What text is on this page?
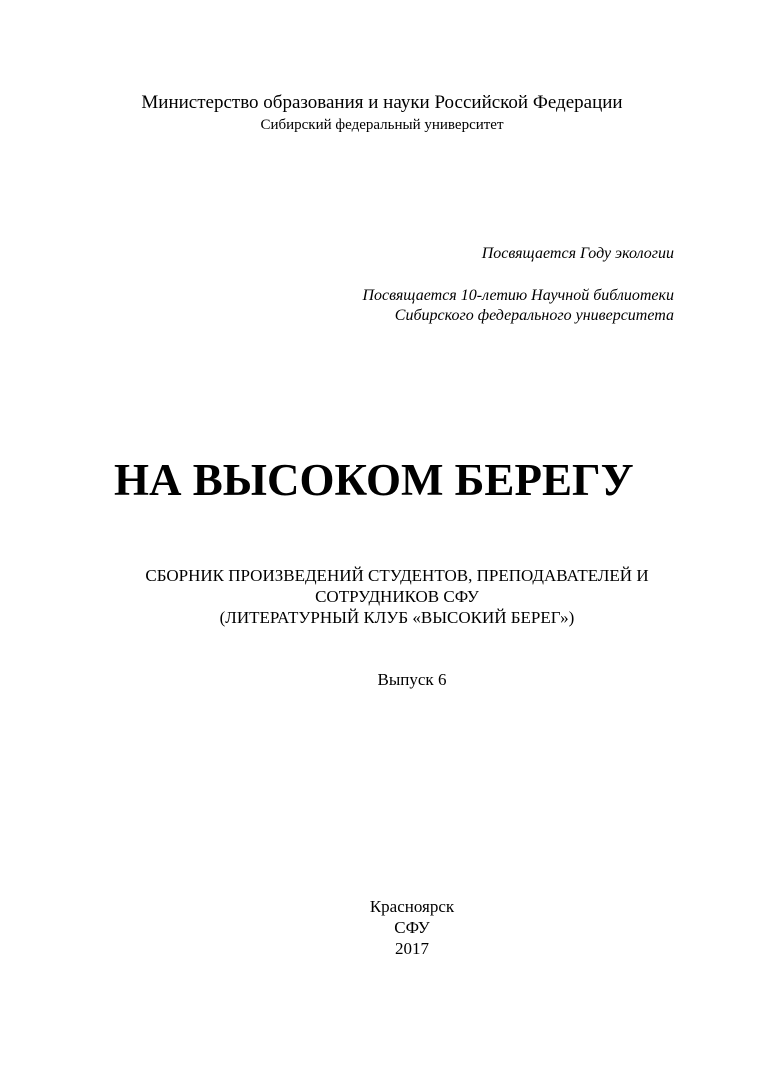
Министерство образования и науки Российской Федерации
Сибирский федеральный университет
Посвящается Году экологии
Посвящается 10-летию Научной библиотеки
Сибирского федерального университета
НА ВЫСОКОМ БЕРЕГУ
СБОРНИК ПРОИЗВЕДЕНИЙ СТУДЕНТОВ, ПРЕПОДАВАТЕЛЕЙ И
СОТРУДНИКОВ СФУ
(ЛИТЕРАТУРНЫЙ КЛУБ «ВЫСОКИЙ БЕРЕГ»)
Выпуск 6
Красноярск
СФУ
2017
